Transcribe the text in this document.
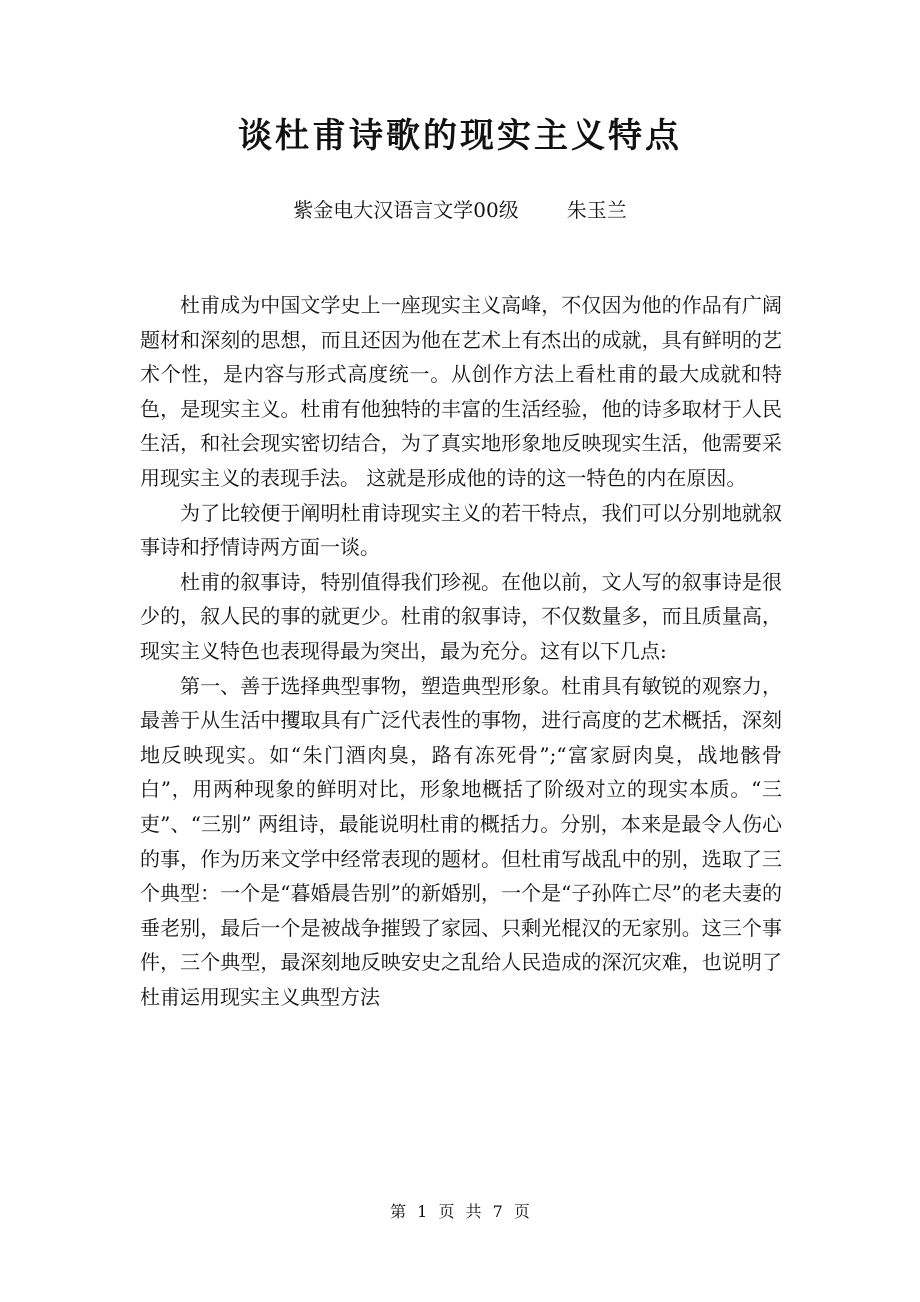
谈杜甫诗歌的现实主义特点
紫金电大汉语言文学00级 朱玉兰

杜甫成为中国文学史上一座现实主义高峰，不仅因为他的作品有广阔题材和深刻的思想，而且还因为他在艺术上有杰出的成就，具有鲜明的艺术个性，是内容与形式高度统一。从创作方法上看杜甫的最大成就和特色，是现实主义。杜甫有他独特的丰富的生活经验，他的诗多取材于人民生活，和社会现实密切结合，为了真实地形象地反映现实生活，他需要采用现实主义的表现手法。 这就是形成他的诗的这一特色的内在原因。

为了比较便于阐明杜甫诗现实主义的若干特点，我们可以分别地就叙事诗和抒情诗两方面一谈。

杜甫的叙事诗，特别值得我们珍视。在他以前，文人写的叙事诗是很少的，叙人民的事的就更少。杜甫的叙事诗，不仅数量多，而且质量高，现实主义特色也表现得最为突出，最为充分。这有以下几点:

第一、善于选择典型事物，塑造典型形象。杜甫具有敏锐的观察力，最善于从生活中攫取具有广泛代表性的事物，进行高度的艺术概括，深刻地反映现实。如“朱门酒肉臭，路有冻死骨”;“富家厨肉臭，战地骸骨白”，用两种现象的鲜明对比，形象地概括了阶级对立的现实本质。“三吏”、“三别” 两组诗，最能说明杜甫的概括力。分别，本来是最令人伤心的事，作为历来文学中经常表现的题材。但杜甫写战乱中的别，选取了三个典型：一个是“暮婚晨告别”的新婚别，一个是“子孙阵亡尽”的老夫妻的垂老别，最后一个是被战争摧毁了家园、只剩光棍汉的无家别。这三个事件，三个典型，最深刻地反映安史之乱给人民造成的深沉灾难，也说明了杜甫运用现实主义典型方法

第 1 页 共 7 页
